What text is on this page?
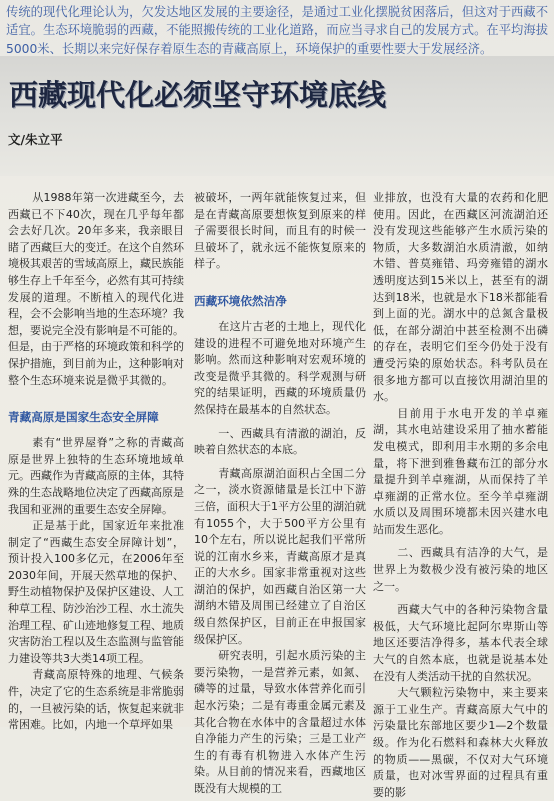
传统的现代化理论认为，欠发达地区发展的主要途径，是通过工业化摆脱贫困落后，但这对于西藏不适宜。生态环境脆弱的西藏，不能照搬传统的工业化道路，而应当寻求自己的发展方式。在平均海拔5000米、长期以来完好保存着原生态的青藏高原上，环境保护的重要性要大于发展经济。

西藏现代化必须坚守环境底线
文/朱立平

从1988年第一次进藏至今，去西藏已不下40次，现在几乎每年都会去好几次。20年多来，我亲眼目睹了西藏巨大的变迁。在这个自然环境极其艰苦的雪域高原上，藏民族能够生存上千年至今，必然有其可持续发展的道理。不断植入的现代化进程，会不会影响当地的生态环境？我想，要说完全没有影响是不可能的。但是，由于严格的环境政策和科学的保护措施，到目前为止，这种影响对整个生态环境来说是微乎其微的。

青藏高原是国家生态安全屏障

素有“世界屋脊”之称的青藏高原是世界上独特的生态环境地域单元。西藏作为青藏高原的主体，其特殊的生态战略地位决定了西藏高原是我国和亚洲的重要生态安全屏障。

正是基于此，国家近年来批准制定了“西藏生态安全屏障计划”，预计投入100多亿元，在2006年至2030年间，开展天然草地的保护、野生动植物保护及保护区建设、人工种草工程、防沙治沙工程、水土流失治理工程、矿山迹地修复工程、地质灾害防治工程以及生态监测与监管能力建设等共3大类14项工程。

青藏高原特殊的地理、气候条件，决定了它的生态系统是非常脆弱的，一旦被污染的话，恢复起来就非常困难。比如，内地一个草坪如果

被破坏，一两年就能恢复过来，但是在青藏高原要想恢复到原来的样子需要很长时间，而且有的时候一旦破坏了，就永远不能恢复原来的样子。

西藏环境依然洁净

在这片古老的土地上，现代化建设的进程不可避免地对环境产生影响。然而这种影响对宏观环境的改变是微乎其微的。科学观测与研究的结果证明，西藏的环境质量仍然保持在最基本的自然状态。

一、西藏具有清澈的湖泊，反映着自然状态的本底。

青藏高原湖泊面积占全国二分之一，淡水资源储量是长江中下游三倍，面积大于1平方公里的湖泊就有1055个，大于500平方公里有10个左右，所以说比起我们平常所说的江南水乡来，青藏高原才是真正的大水乡。国家非常重视对这些湖泊的保护，如西藏自治区第一大湖纳木错及周围已经建立了自治区级自然保护区，目前正在申报国家级保护区。

研究表明，引起水质污染的主要污染物，一是营养元素，如氮、磷等的过量，导致水体营养化而引起水污染；二是有毒重金属元素及其化合物在水体中的含量超过水体自净能力产生的污染；三是工业产生的有毒有机物进入水体产生污染。从目前的情况来看，西藏地区既没有大规模的工

业排放，也没有大量的农药和化肥使用。因此，在西藏区河流湖泊还没有发现这些能够产生水质污染的物质，大多数湖泊水质清澈，如纳木错、普莫雍错、玛旁雍错的湖水透明度达到15米以上，甚至有的湖达到18米，也就是水下18米都能看到上面的光。湖水中的总氮含量极低，在部分湖泊中甚至检测不出磷的存在，表明它们至今仍处于没有遭受污染的原始状态。科考队员在很多地方都可以直接饮用湖泊里的水。

目前用于水电开发的羊卓雍湖，其水电站建设采用了抽水蓄能发电模式，即利用丰水期的多余电量，将下泄到雅鲁藏布江的部分水量提升到羊卓雍湖，从而保持了羊卓雍湖的正常水位。至今羊卓雍湖水质以及周围环境都未因兴建水电站而发生恶化。

二、西藏具有洁净的大气，是世界上为数极少没有被污染的地区之一。

西藏大气中的各种污染物含量极低，大气环境比起阿尔卑斯山等地区还要洁净得多，基本代表全球大气的自然本底，也就是说基本处在没有人类活动干扰的自然状况。

大气颗粒污染物中，来主要来源于工业生产。青藏高原大气中的污染量比东部地区要少1—2个数量级。作为化石燃料和森林大火释放的物质——黑碳，不仅对大气环境质量，也对冰雪界面的过程具有重要的影
